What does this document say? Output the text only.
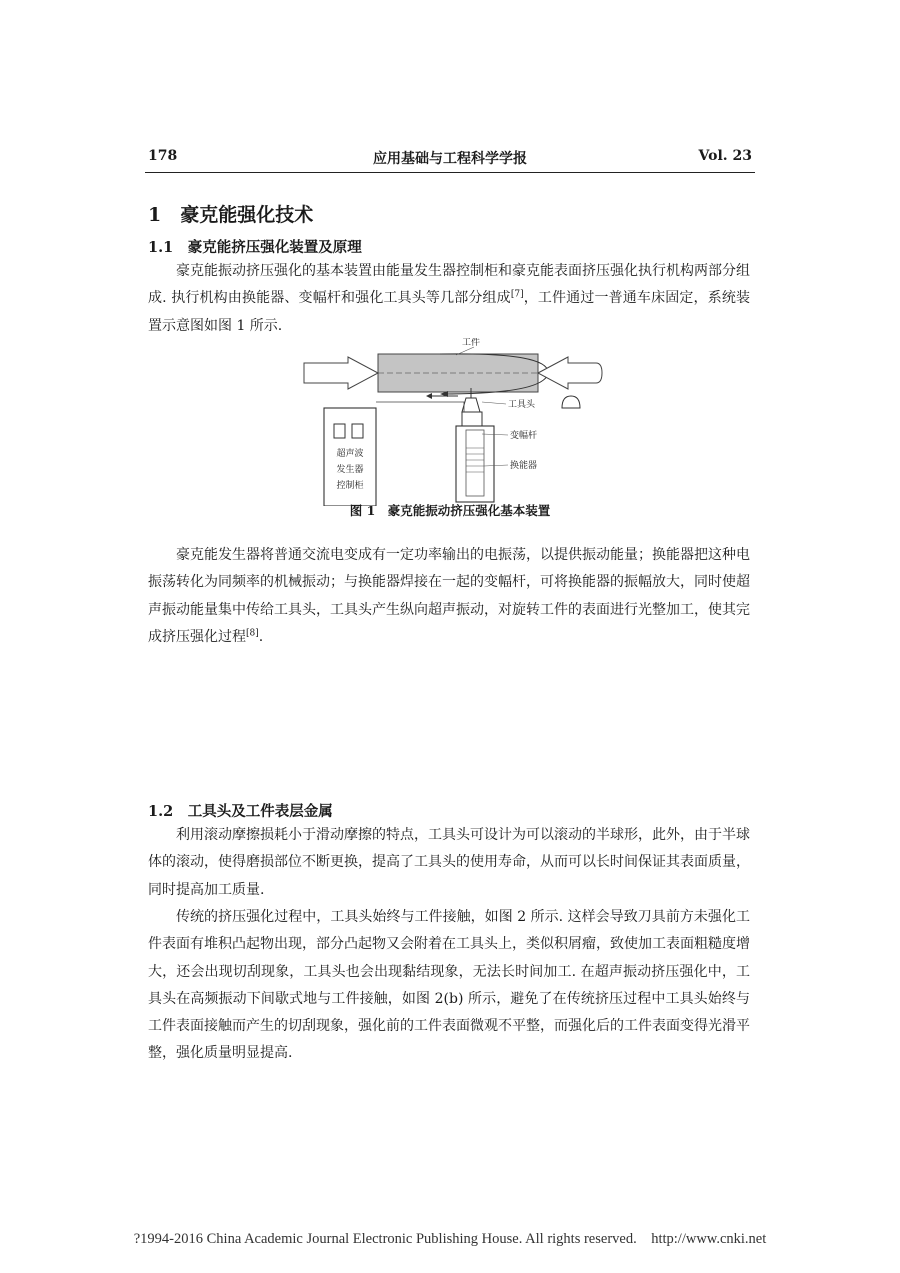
178	应用基础与工程科学学报	Vol. 23
1　豪克能强化技术
1.1　豪克能挤压强化装置及原理

豪克能振动挤压强化的基本装置由能量发生器控制柜和豪克能表面挤压强化执行机构两部分组成. 执行机构由换能器、变幅杆和强化工具头等几部分组成[7]，工件通过一普通车床固定，系统装置示意图如图 1 所示.

工件
工具头
变幅杆
换能器
超声波
发生器
控制柜
图 1　豪克能振动挤压强化基本装置

豪克能发生器将普通交流电变成有一定功率输出的电振荡，以提供振动能量；换能器把这种电振荡转化为同频率的机械振动；与换能器焊接在一起的变幅杆，可将换能器的振幅放大，同时使超声振动能量集中传给工具头，工具头产生纵向超声振动，对旋转工件的表面进行光整加工，使其完成挤压强化过程[8].

1.2　工具头及工件表层金属

利用滚动摩擦损耗小于滑动摩擦的特点，工具头可设计为可以滚动的半球形，此外，由于半球体的滚动，使得磨损部位不断更换，提高了工具头的使用寿命，从而可以长时间保证其表面质量，同时提高加工质量.

传统的挤压强化过程中，工具头始终与工件接触，如图 2 所示. 这样会导致刀具前方未强化工件表面有堆积凸起物出现，部分凸起物又会附着在工具头上，类似积屑瘤，致使加工表面粗糙度增大，还会出现切刮现象，工具头也会出现黏结现象，无法长时间加工. 在超声振动挤压强化中，工具头在高频振动下间歇式地与工件接触，如图 2(b) 所示，避免了在传统挤压过程中工具头始终与工件表面接触而产生的切刮现象，强化前的工件表面微观不平整，而强化后的工件表面变得光滑平整，强化质量明显提高.

?1994-2016 China Academic Journal Electronic Publishing House. All rights reserved.　http://www.cnki.net
